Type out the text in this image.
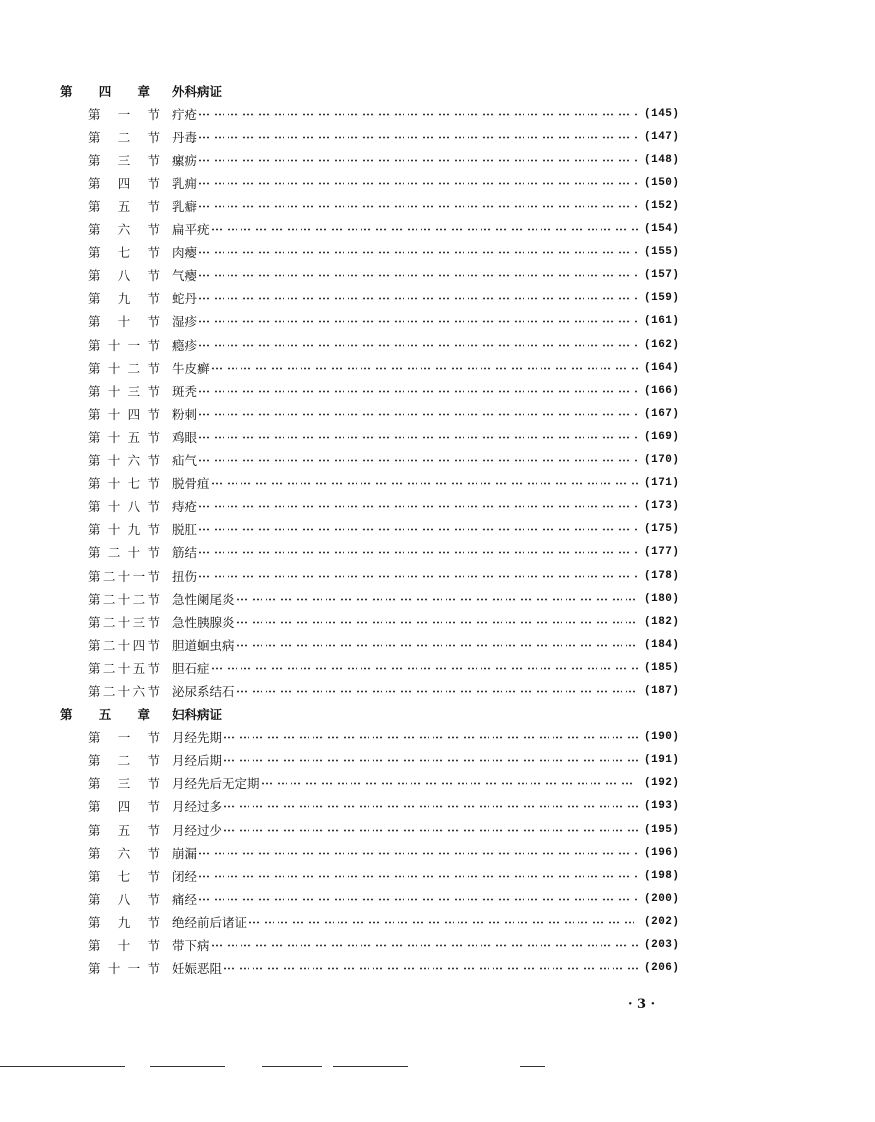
第四章 外科病证
第一节 疔疮	(145)
第二节 丹毒	(147)
第三节 瘰疬	(148)
第四节 乳痈	(150)
第五节 乳癖	(152)
第六节 扁平疣	(154)
第七节 肉瘿	(155)
第八节 气瘿	(157)
第九节 蛇丹	(159)
第十节 湿疹	(161)
第十一节 瘾疹	(162)
第十二节 牛皮癣	(164)
第十三节 斑秃	(166)
第十四节 粉刺	(167)
第十五节 鸡眼	(169)
第十六节 疝气	(170)
第十七节 脱骨疽	(171)
第十八节 痔疮	(173)
第十九节 脱肛	(175)
第二十节 筋结	(177)
第二十一节 扭伤	(178)
第二十二节 急性阑尾炎	(180)
第二十三节 急性胰腺炎	(182)
第二十四节 胆道蛔虫病	(184)
第二十五节 胆石症	(185)
第二十六节 泌尿系结石	(187)
第五章 妇科病证
第一节 月经先期	(190)
第二节 月经后期	(191)
第三节 月经先后无定期	(192)
第四节 月经过多	(193)
第五节 月经过少	(195)
第六节 崩漏	(196)
第七节 闭经	(198)
第八节 痛经	(200)
第九节 绝经前后诸证	(202)
第十节 带下病	(203)
第十一节 妊娠恶阻	(206)
· 3 ·
